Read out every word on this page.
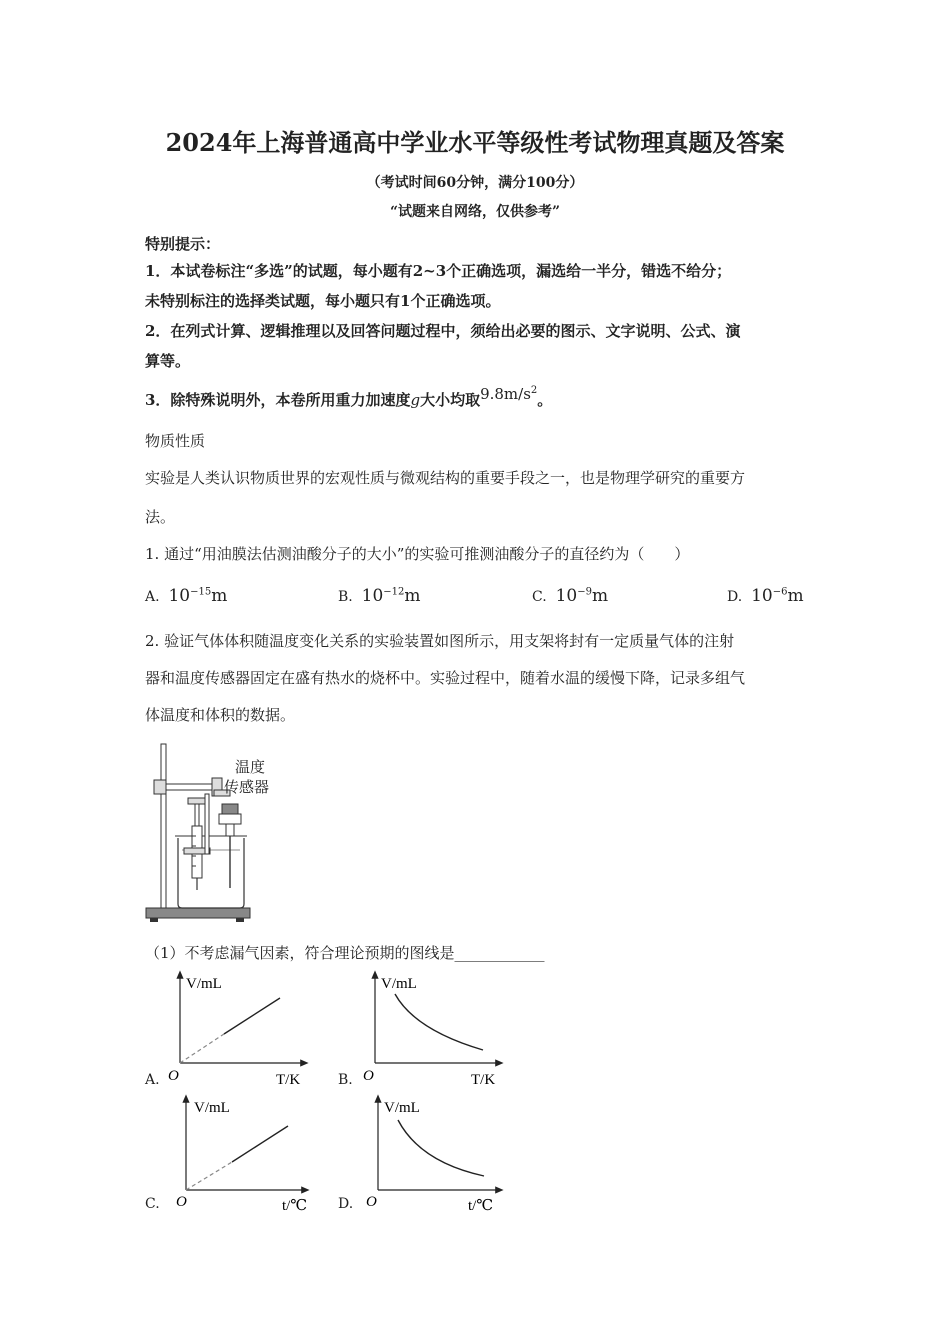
2024年上海普通高中学业水平等级性考试物理真题及答案
（考试时间60分钟，满分100分）
“试题来自网络，仅供参考”
特别提示：
1．本试卷标注“多选”的试题，每小题有2~3个正确选项，漏选给一半分，错选不给分；
未特别标注的选择类试题，每小题只有1个正确选项。
2．在列式计算、逻辑推理以及回答问题过程中，须给出必要的图示、文字说明、公式、演
算等。
3．除特殊说明外，本卷所用重力加速度g大小均取$9.8m/s^2$。
物质性质
实验是人类认识物质世界的宏观性质与微观结构的重要手段之一，也是物理学研究的重要方
法。
1. 通过“用油膜法估测油酸分子的大小”的实验可推测油酸分子的直径约为（　　）
A. $10^{-15}m$	B. $10^{-12}m$	C. $10^{-9}m$	D. $10^{-6}m$
2. 验证气体体积随温度变化关系的实验装置如图所示，用支架将封有一定质量气体的注射
器和温度传感器固定在盛有热水的烧杯中。实验过程中，随着水温的缓慢下降，记录多组气
体温度和体积的数据。
温度
传感器
（1）不考虑漏气因素，符合理论预期的图线是____________
A.
V/mL
O	T/K	B.
V/mL
O	T/K
C.
V/mL
O	t/℃ D.
V/mL
O	t/℃
